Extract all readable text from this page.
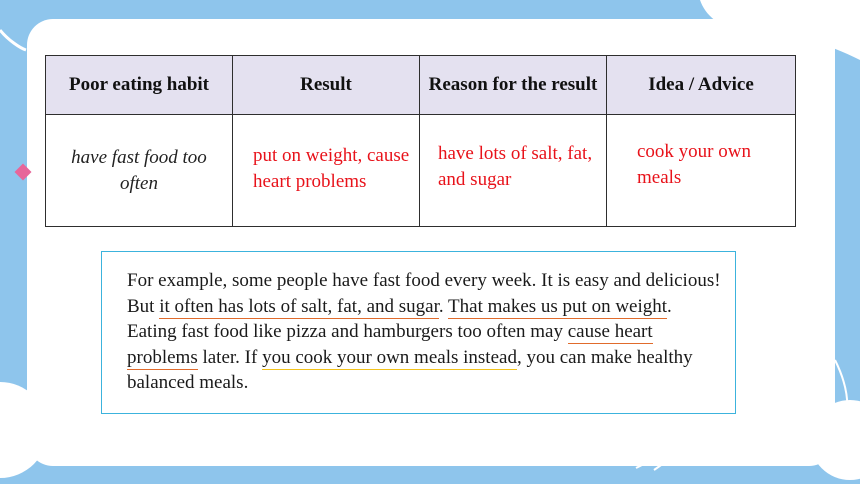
Poor eating habit	Result	Reason for the result	Idea / Advice
have fast food too often	put on weight, cause heart problems	have lots of salt, fat, and sugar	cook your own meals
For example, some people have fast food every week. It is easy and delicious! But it often has lots of salt, fat, and sugar. That makes us put on weight. Eating fast food like pizza and hamburgers too often may cause heart problems later. If you cook your own meals instead, you can make healthy balanced meals.
